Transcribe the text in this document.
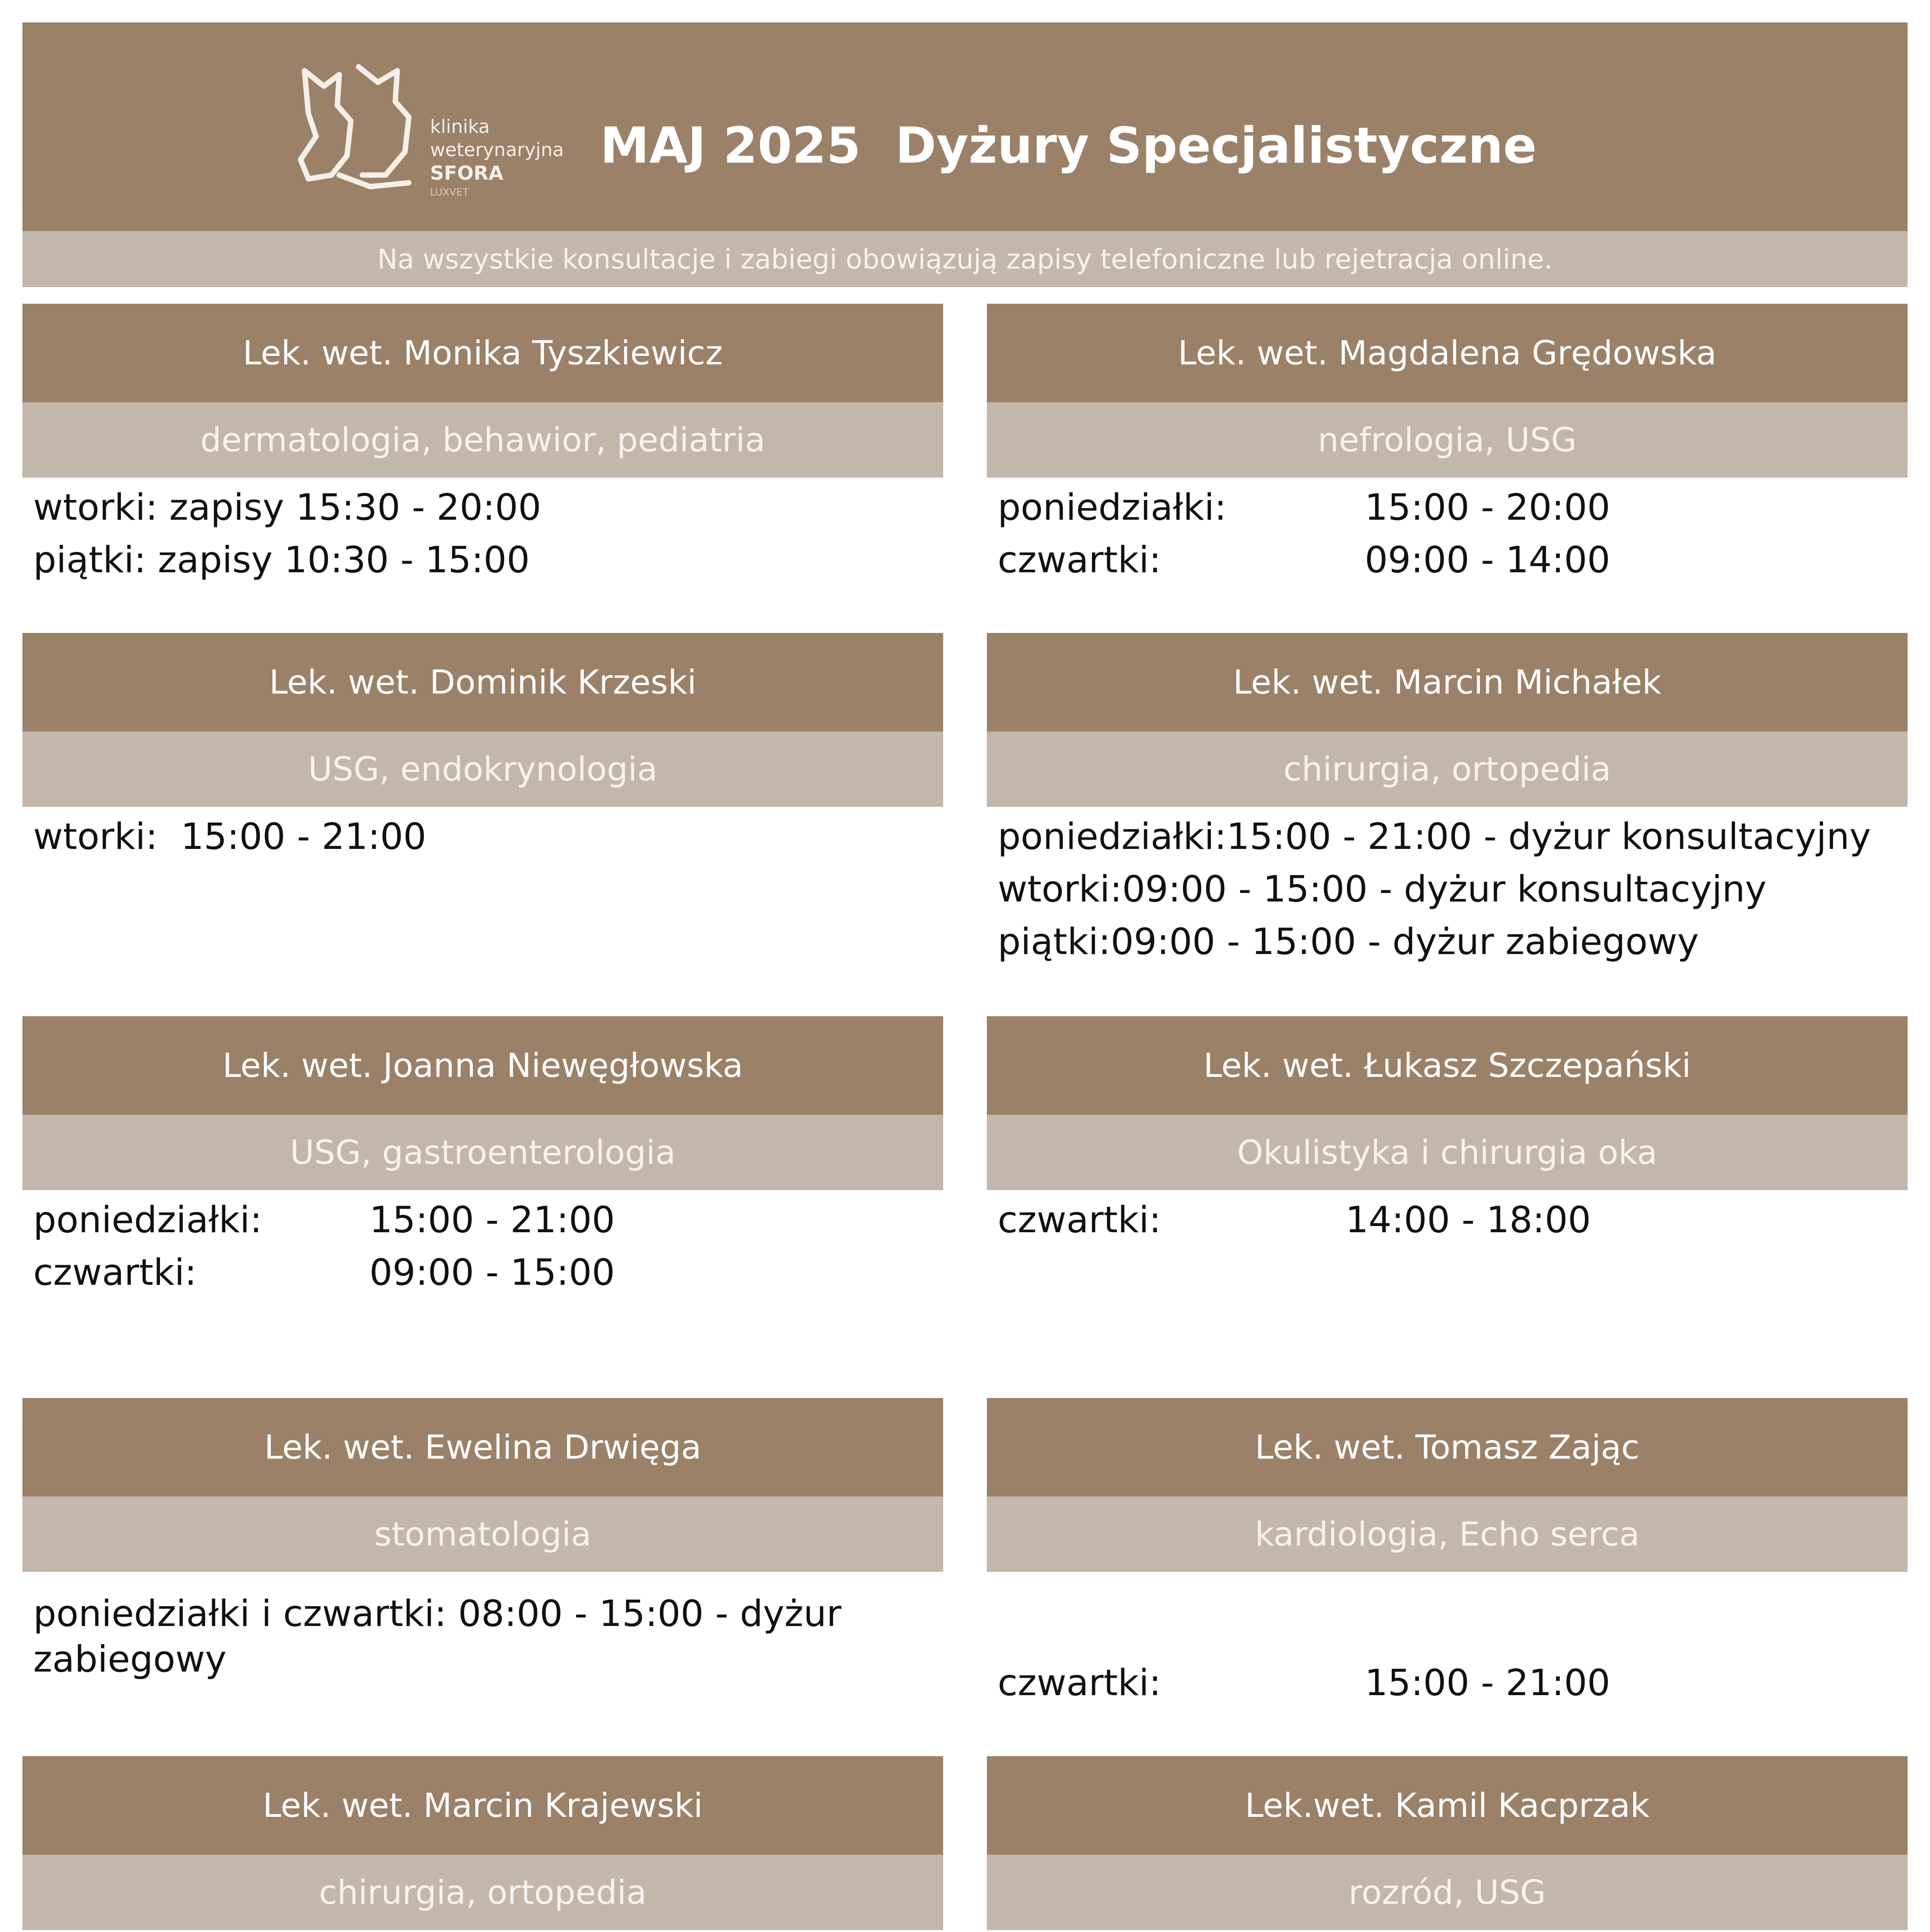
klinika
weterynaryjna
SFORA
LUXVET
MAJ 2025  Dyżury Specjalistyczne
Na wszystkie konsultacje i zabiegi obowiązują zapisy telefoniczne lub rejetracja online.
Lek. wet. Monika Tyszkiewicz
dermatologia, behawior, pediatria
wtorki: zapisy 15:30 - 20:00
piątki: zapisy 10:30 - 15:00
Lek. wet. Magdalena Grędowska
nefrologia, USG
poniedziałki:	15:00 - 20:00
czwartki:	09:00 - 14:00
Lek. wet. Dominik Krzeski
USG, endokrynologia
wtorki:  15:00 - 21:00
Lek. wet. Marcin Michałek
chirurgia, ortopedia
poniedziałki: 15:00 - 21:00 - dyżur konsultacyjny
wtorki: 09:00 - 15:00 - dyżur konsultacyjny
piątki: 09:00 - 15:00 - dyżur zabiegowy
Lek. wet. Joanna Niewęgłowska
USG, gastroenterologia
poniedziałki:	15:00 - 21:00
czwartki:	09:00 - 15:00
Lek. wet. Łukasz Szczepański
Okulistyka i chirurgia oka
czwartki:	14:00 - 18:00
Lek. wet. Ewelina Drwięga
stomatologia
poniedziałki i czwartki: 08:00 - 15:00 - dyżur zabiegowy
Lek. wet. Tomasz Zając
kardiologia, Echo serca
czwartki:	15:00 - 21:00
Lek. wet. Marcin Krajewski
chirurgia, ortopedia
Lek.wet. Kamil Kacprzak
rozród, USG
